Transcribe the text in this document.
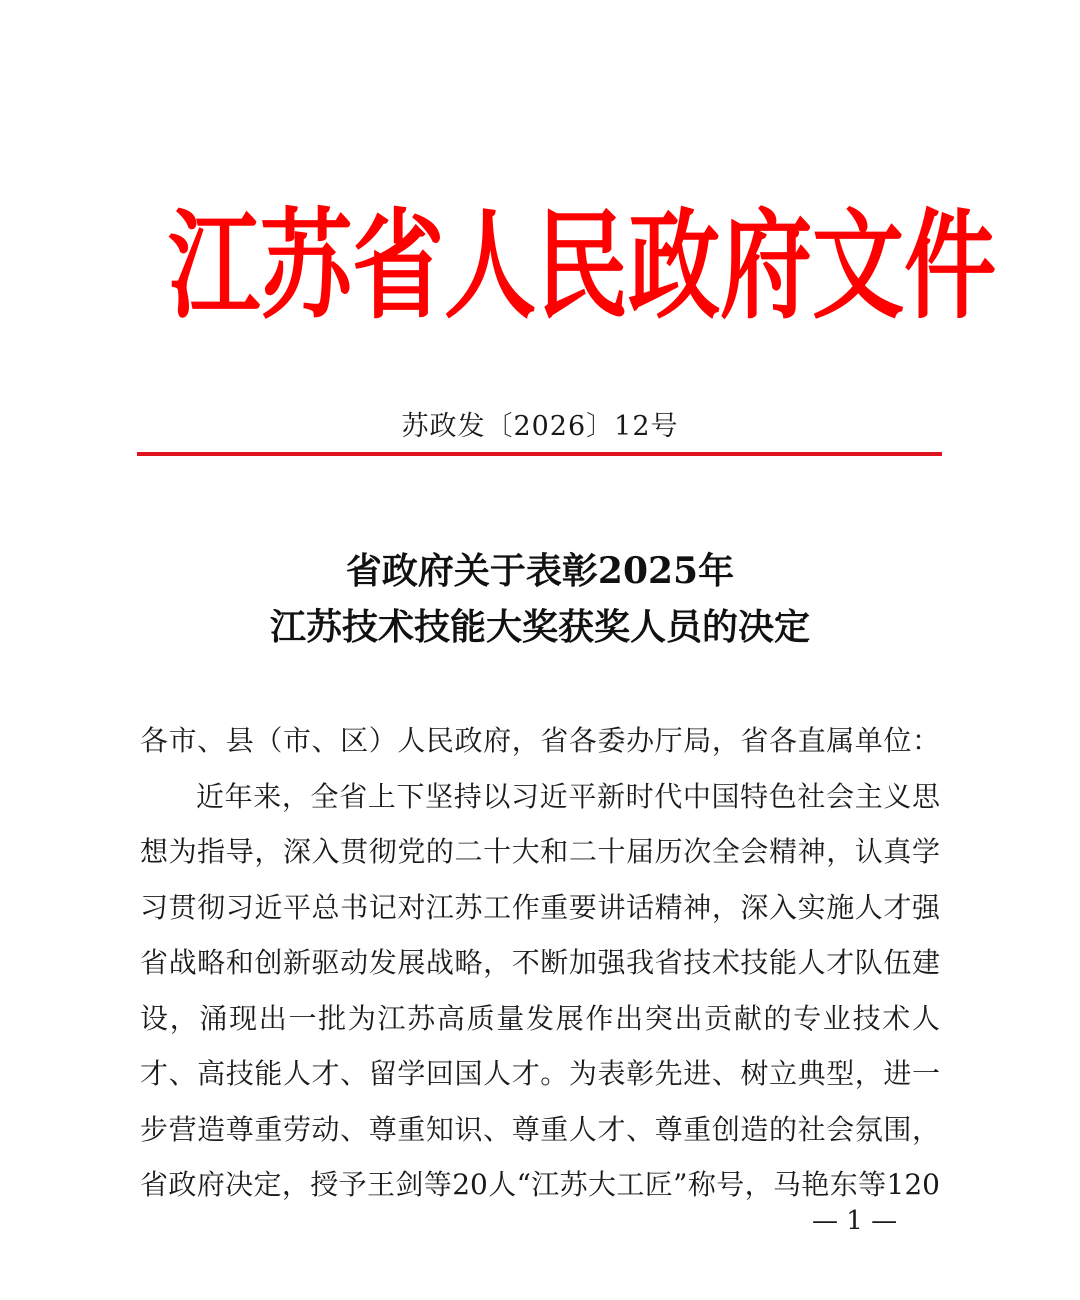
江 苏 省 人 民 政 府 文 件
苏政发〔2026〕12号
省政府关于表彰2025年
江苏技术技能大奖获奖人员的决定
各市、县（市、区）人民政府，省各委办厅局，省各直属单位：
近年来，全省上下坚持以习近平新时代中国特色社会主义思
想为指导，深入贯彻党的二十大和二十届历次全会精神，认真学
习贯彻习近平总书记对江苏工作重要讲话精神，深入实施人才强
省战略和创新驱动发展战略，不断加强我省技术技能人才队伍建
设，涌现出一批为江苏高质量发展作出突出贡献的专业技术人
才、高技能人才、留学回国人才。为表彰先进、树立典型，进一
步营造尊重劳动、尊重知识、尊重人才、尊重创造的社会氛围，
省政府决定，授予王剑等20人“江苏大工匠”称号，马艳东等120
— 1 —
